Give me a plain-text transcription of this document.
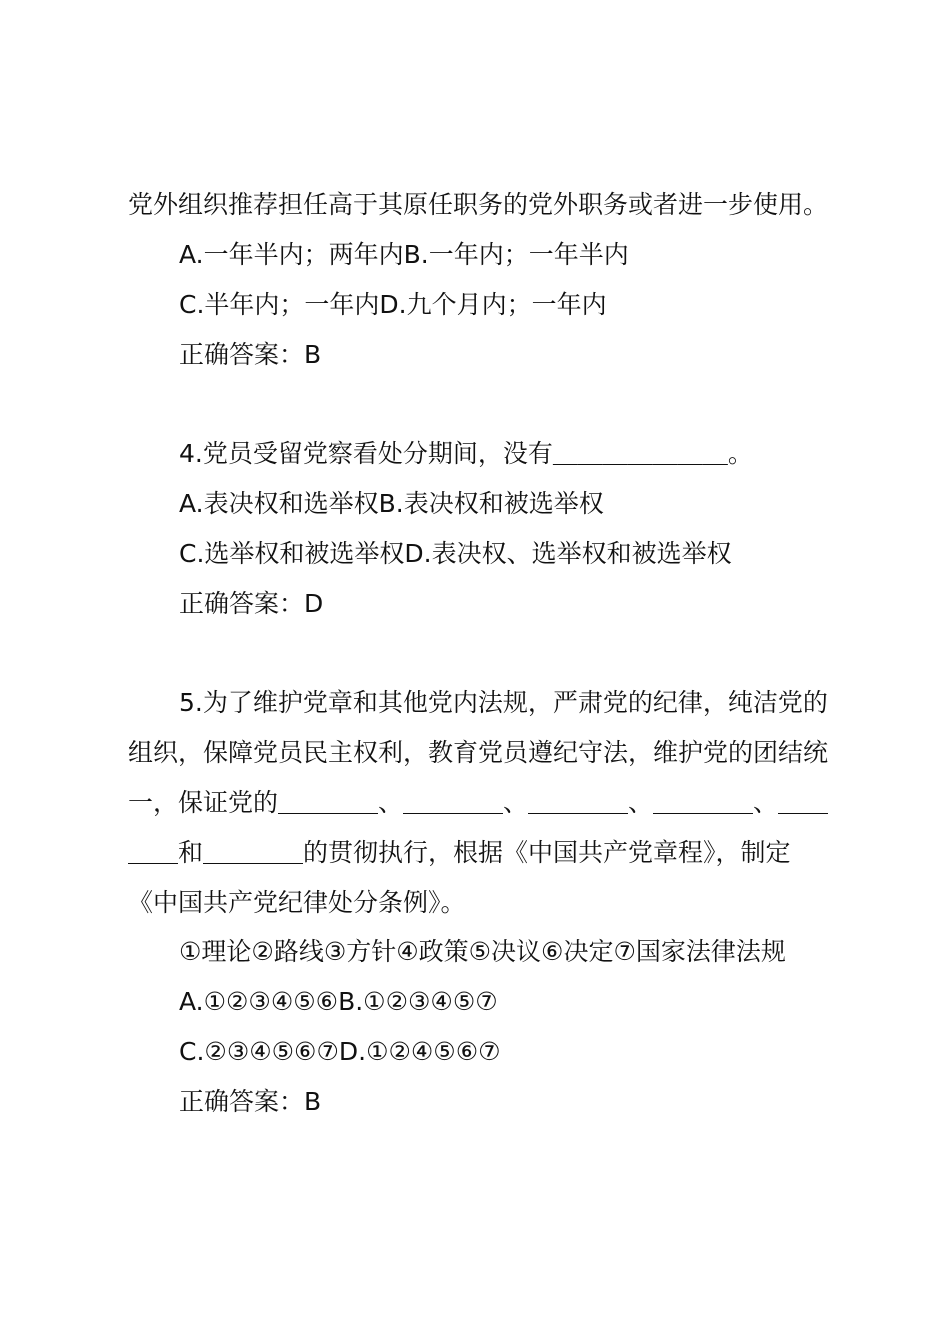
党外组织推荐担任高于其原任职务的党外职务或者进一步使用。
A.一年半内；两年内B.一年内；一年半内
C.半年内；一年内D.九个月内；一年内
正确答案：B
4.党员受留党察看处分期间，没有＿＿＿＿＿＿＿。
A.表决权和选举权B.表决权和被选举权
C.选举权和被选举权D.表决权、选举权和被选举权
正确答案：D
5.为了维护党章和其他党内法规，严肃党的纪律，纯洁党的
组织，保障党员民主权利，教育党员遵纪守法，维护党的团结统
一，保证党的＿＿＿＿、＿＿＿＿、＿＿＿＿、＿＿＿＿、＿＿
＿＿和＿＿＿＿的贯彻执行，根据《中国共产党章程》，制定
《中国共产党纪律处分条例》。
①理论②路线③方针④政策⑤决议⑥决定⑦国家法律法规
A.①②③④⑤⑥B.①②③④⑤⑦
C.②③④⑤⑥⑦D.①②④⑤⑥⑦
正确答案：B
